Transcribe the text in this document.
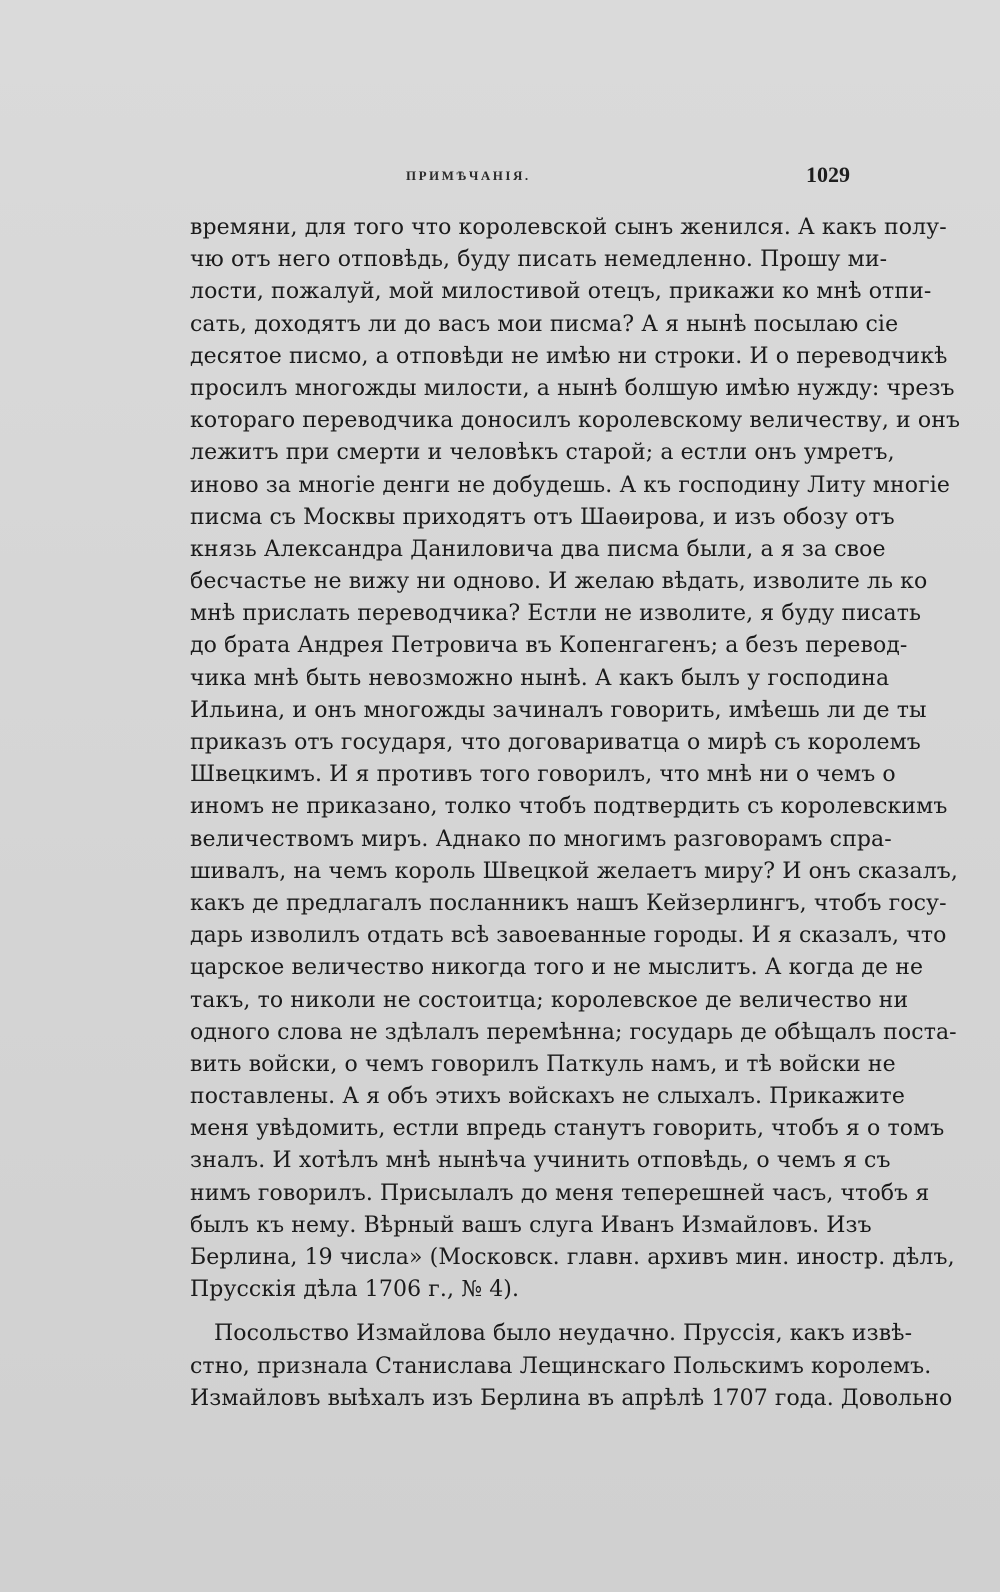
ПРИМѢЧАНІЯ.	1029
времяни, для того что королевской сынъ женился. А какъ полу-
чю отъ него отповѣдь, буду писать немедленно. Прошу ми-
лости, пожалуй, мой милостивой отецъ, прикажи ко мнѣ отпи-
сать, доходятъ ли до васъ мои писма? А я нынѣ посылаю сіе
десятое писмо, а отповѣди не имѣю ни строки. И о переводчикѣ
просилъ многожды милости, а нынѣ болшую имѣю нужду: чрезъ
котораго переводчика доносилъ королевскому величеству, и онъ
лежитъ при смерти и человѣкъ старой; а естли онъ умретъ,
иново за многіе денги не добудешь. А къ господину Литу многіе
писма съ Москвы приходятъ отъ Шаѳирова, и изъ обозу отъ
князь Александра Даниловича два писма были, а я за свое
бесчастье не вижу ни одново. И желаю вѣдать, изволите ль ко
мнѣ прислать переводчика? Естли не изволите, я буду писать
до брата Андрея Петровича въ Копенгагенъ; а безъ перевод-
чика мнѣ быть невозможно нынѣ. А какъ былъ у господина
Ильина, и онъ многожды зачиналъ говорить, имѣешь ли де ты
приказъ отъ государя, что договариватца о мирѣ съ королемъ
Швецкимъ. И я противъ того говорилъ, что мнѣ ни о чемъ о
иномъ не приказано, толко чтобъ подтвердить съ королевскимъ
величествомъ миръ. Аднако по многимъ разговорамъ спра-
шивалъ, на чемъ король Швецкой желаетъ миру? И онъ сказалъ,
какъ де предлагалъ посланникъ нашъ Кейзерлингъ, чтобъ госу-
дарь изволилъ отдать всѣ завоеванные городы. И я сказалъ, что
царское величество никогда того и не мыслитъ. А когда де не
такъ, то николи не состоитца; королевское де величество ни
одного слова не здѣлалъ перемѣнна; государь де обѣщалъ поста-
вить войски, о чемъ говорилъ Паткуль намъ, и тѣ войски не
поставлены. А я объ этихъ войскахъ не слыхалъ. Прикажите
меня увѣдомить, естли впредь станутъ говорить, чтобъ я о томъ
зналъ. И хотѣлъ мнѣ нынѣча учинить отповѣдь, о чемъ я съ
нимъ говорилъ. Присылалъ до меня теперешней часъ, чтобъ я
былъ къ нему. Вѣрный вашъ слуга Иванъ Измайловъ. Изъ
Берлина, 19 числа» (Московск. главн. архивъ мин. иностр. дѣлъ,
Прусскія дѣла 1706 г., № 4).
Посольство Измайлова было неудачно. Пруссія, какъ извѣ-
стно, признала Станислава Лещинскаго Польскимъ королемъ.
Измайловъ выѣхалъ изъ Берлина въ апрѣлѣ 1707 года. Довольно
